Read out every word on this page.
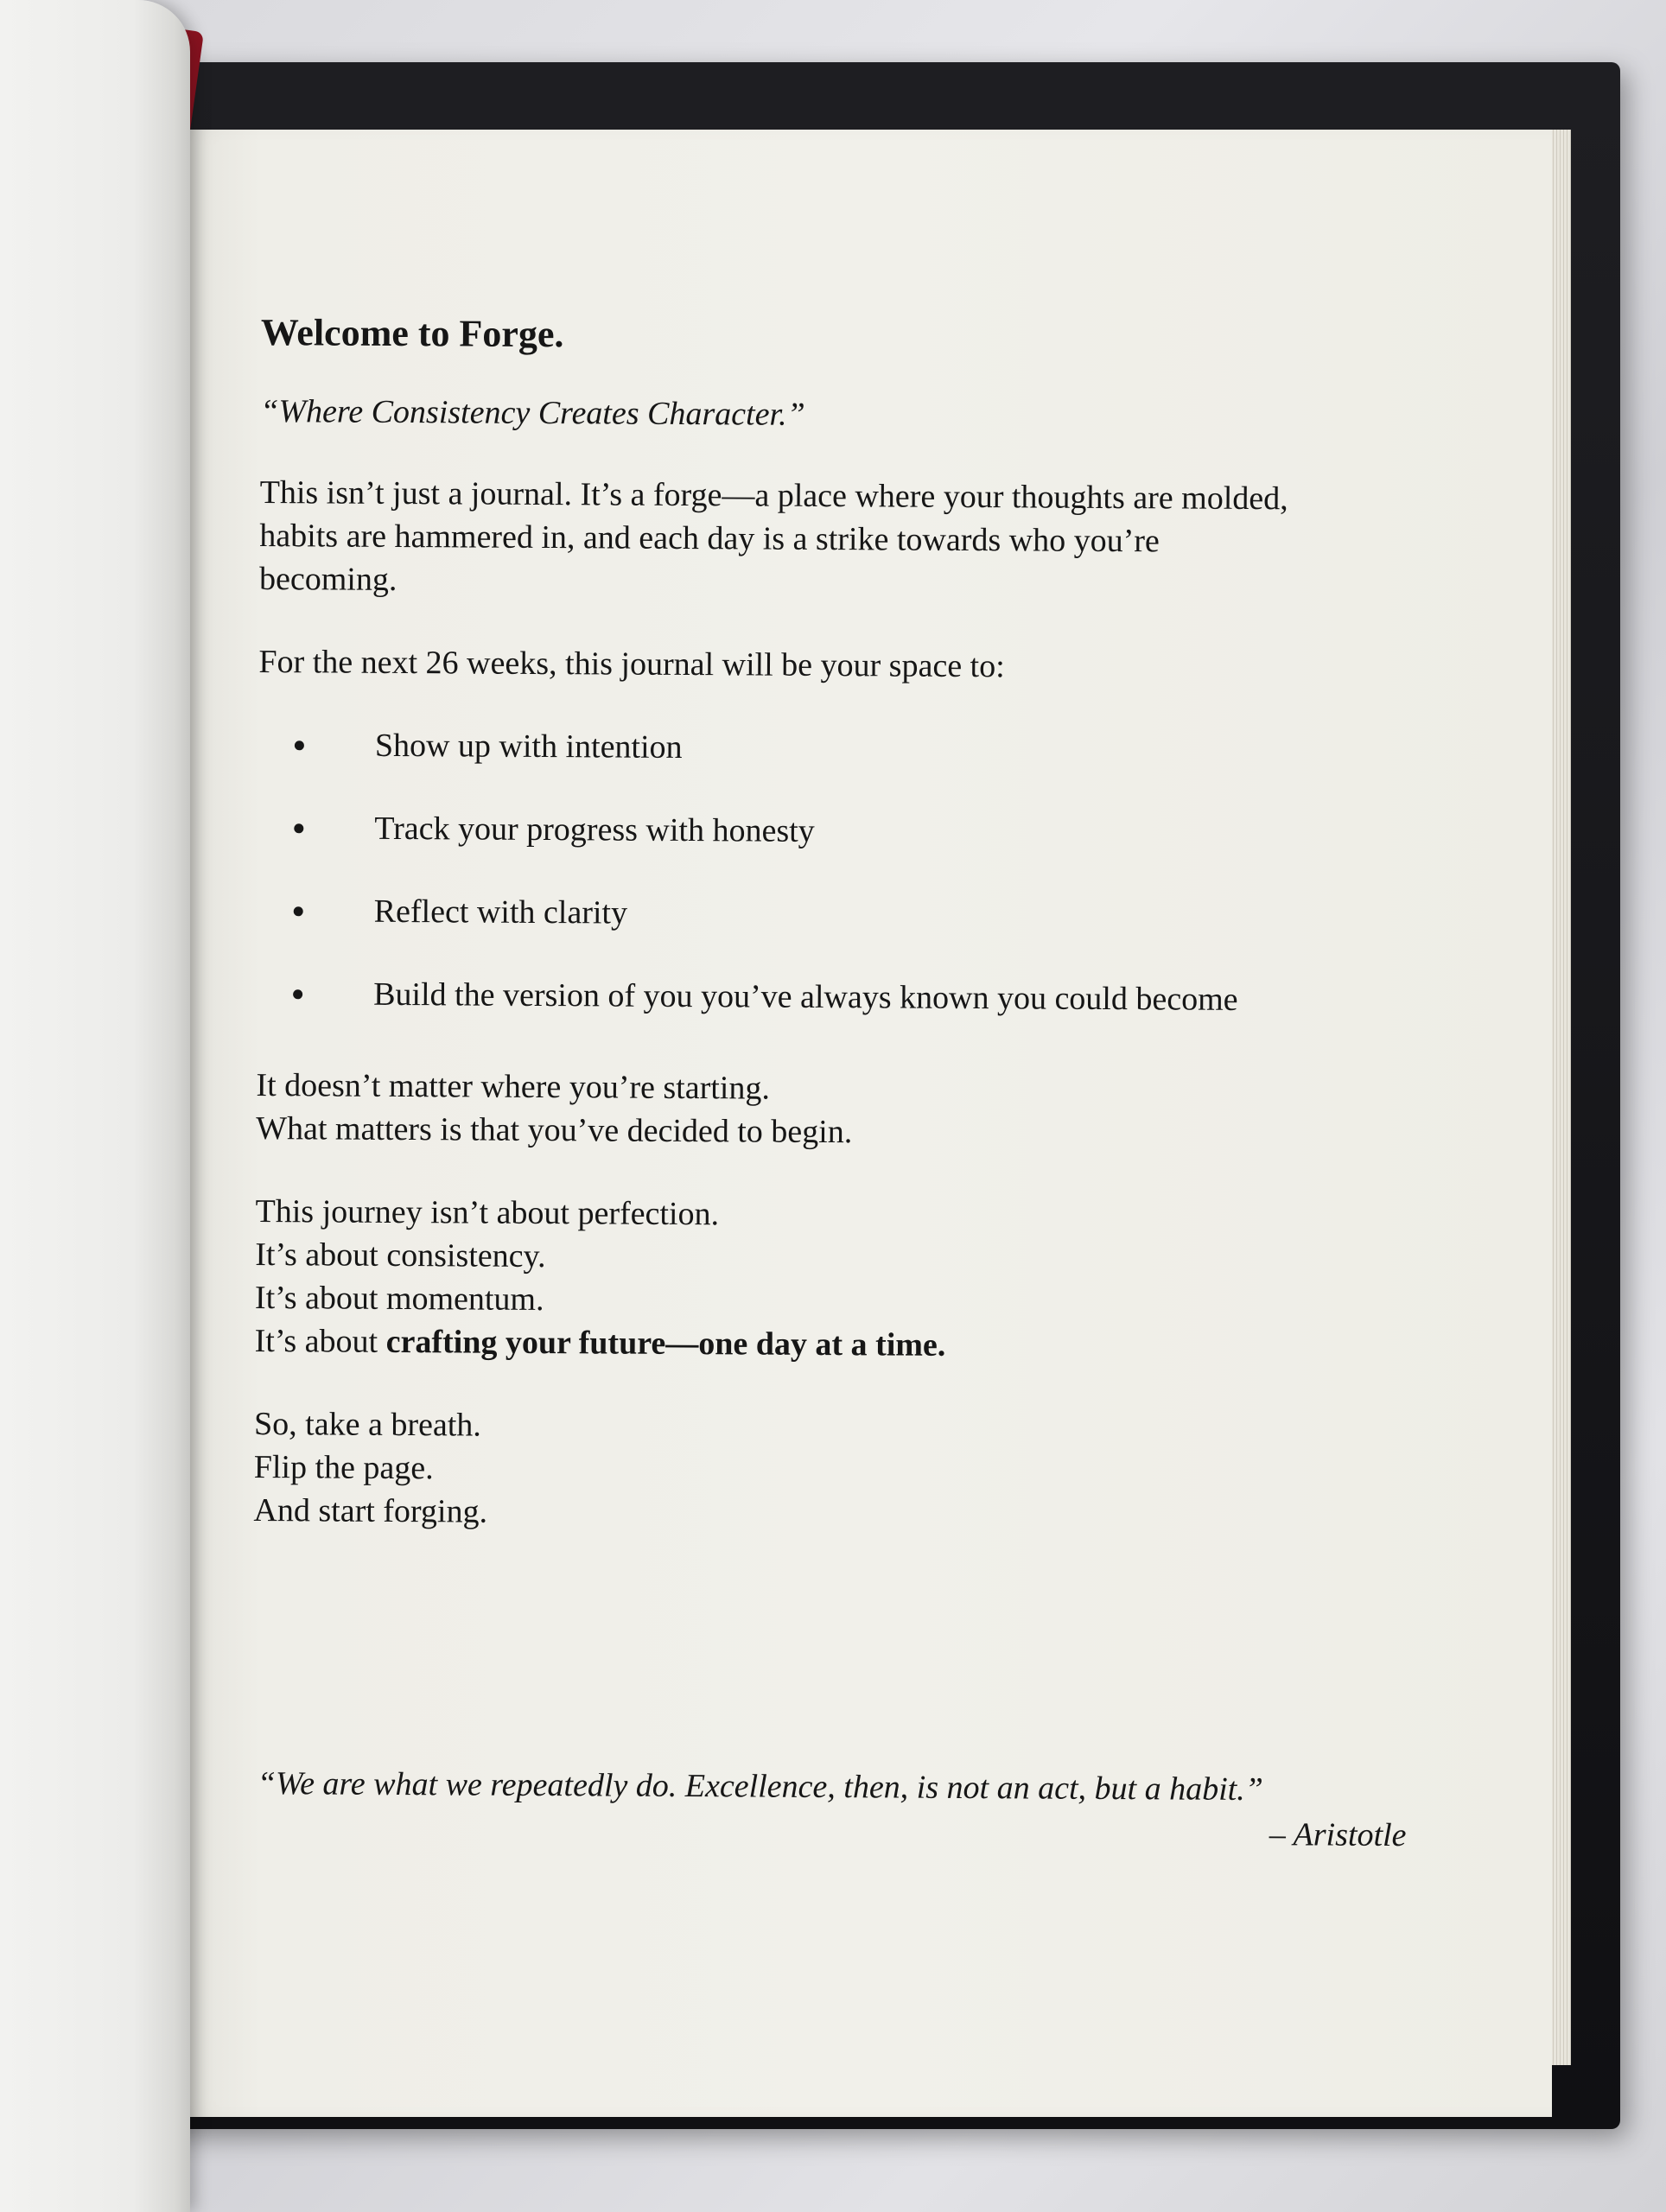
Welcome to Forge.
“Where Consistency Creates Character.”

This isn’t just a journal. It’s a forge—a place where your thoughts are molded,
habits are hammered in, and each day is a strike towards who you’re
becoming.

For the next 26 weeks, this journal will be your space to:

Show up with intention
Track your progress with honesty
Reflect with clarity
Build the version of you you’ve always known you could become

It doesn’t matter where you’re starting.
What matters is that you’ve decided to begin.

This journey isn’t about perfection.
It’s about consistency.
It’s about momentum.
It’s about crafting your future—one day at a time.

So, take a breath.
Flip the page.
And start forging.

“We are what we repeatedly do. Excellence, then, is not an act, but a habit.”
– Aristotle
